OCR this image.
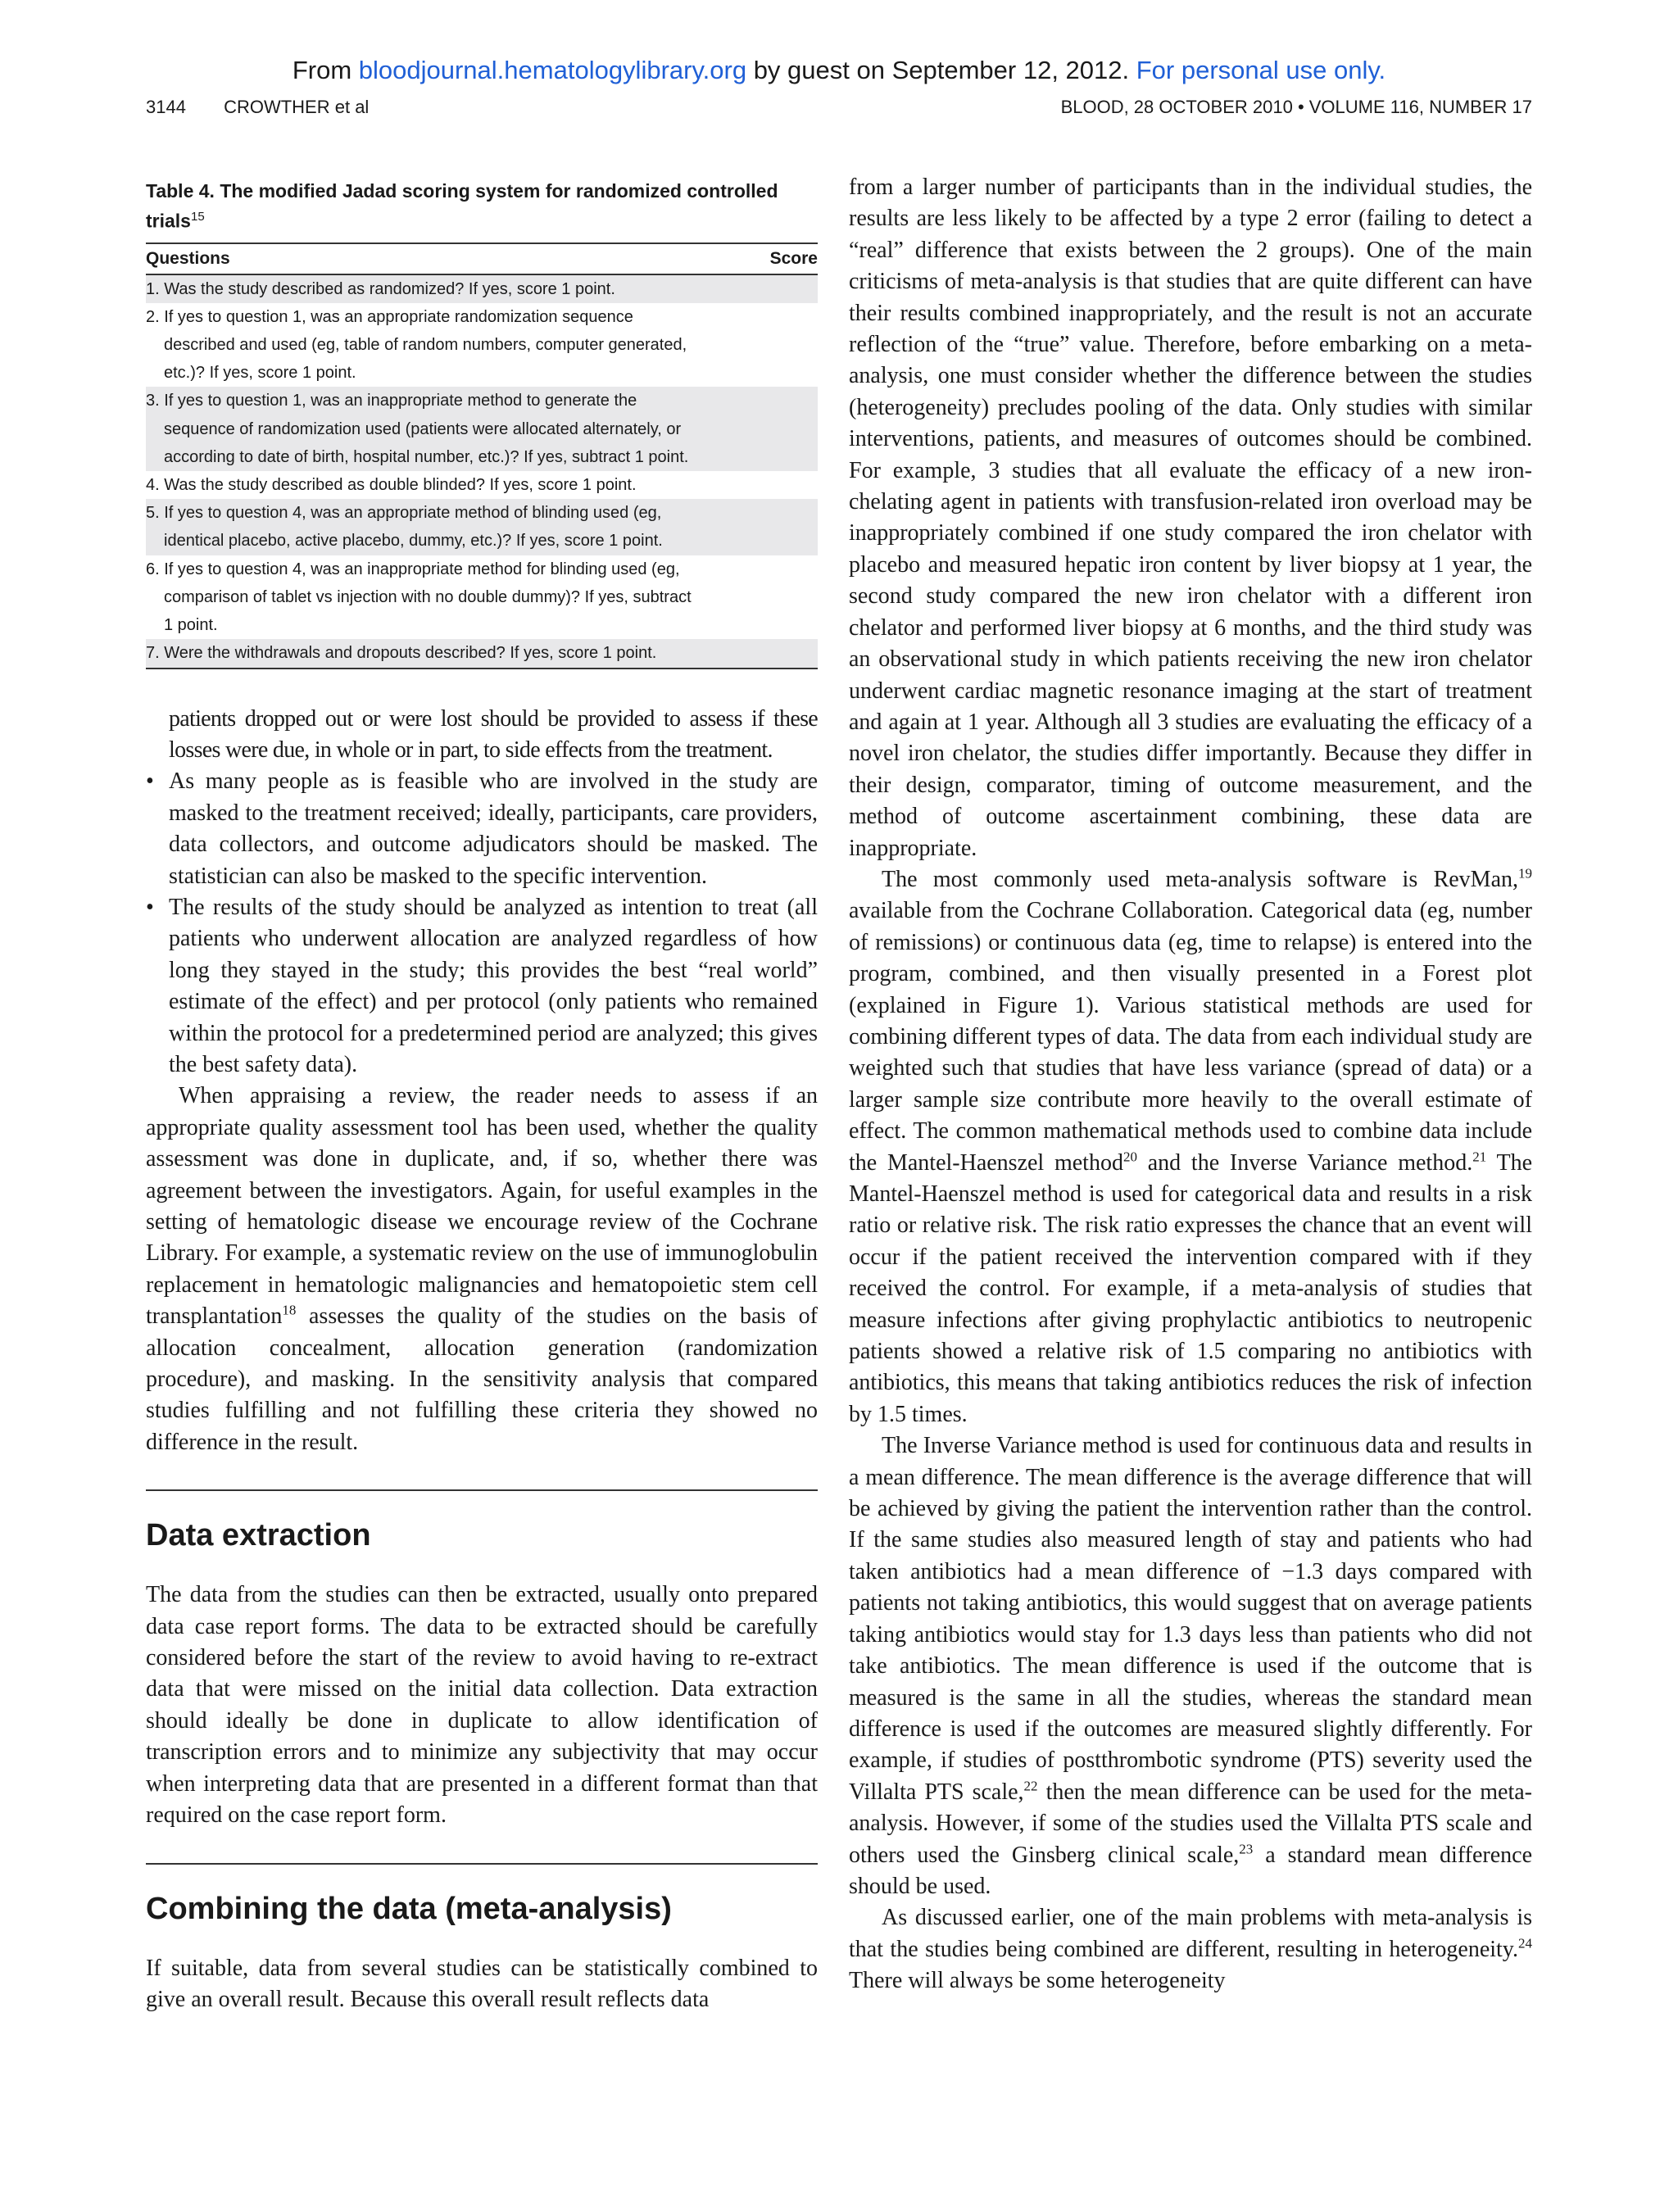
From bloodjournal.hematologylibrary.org by guest on September 12, 2012. For personal use only.
3144 CROWTHER et al	BLOOD, 28 OCTOBER 2010 • VOLUME 116, NUMBER 17
Table 4. The modified Jadad scoring system for randomized controlled trials$^{15}$
Questions	Score
1. Was the study described as randomized? If yes, score 1 point.
2. If yes to question 1, was an appropriate randomization sequence described and used (eg, table of random numbers, computer generated, etc.)? If yes, score 1 point.
3. If yes to question 1, was an inappropriate method to generate the sequence of randomization used (patients were allocated alternately, or according to date of birth, hospital number, etc.)? If yes, subtract 1 point.
4. Was the study described as double blinded? If yes, score 1 point.
5. If yes to question 4, was an appropriate method of blinding used (eg, identical placebo, active placebo, dummy, etc.)? If yes, score 1 point.
6. If yes to question 4, was an inappropriate method for blinding used (eg, comparison of tablet vs injection with no double dummy)? If yes, subtract 1 point.
7. Were the withdrawals and dropouts described? If yes, score 1 point.
patients dropped out or were lost should be provided to assess if these losses were due, in whole or in part, to side effects from the treatment.
• As many people as is feasible who are involved in the study are masked to the treatment received; ideally, participants, care providers, data collectors, and outcome adjudicators should be masked. The statistician can also be masked to the specific intervention.
• The results of the study should be analyzed as intention to treat (all patients who underwent allocation are analyzed regardless of how long they stayed in the study; this provides the best “real world” estimate of the effect) and per protocol (only patients who remained within the protocol for a predetermined period are analyzed; this gives the best safety data).

When appraising a review, the reader needs to assess if an appropriate quality assessment tool has been used, whether the quality assessment was done in duplicate, and, if so, whether there was agreement between the investigators. Again, for useful examples in the setting of hematologic disease we encourage review of the Cochrane Library. For example, a systematic review on the use of immunoglobulin replacement in hematologic malignancies and hematopoietic stem cell transplantation$^{18}$ assesses the quality of the studies on the basis of allocation concealment, allocation generation (randomization procedure), and masking. In the sensitivity analysis that compared studies fulfilling and not fulfilling these criteria they showed no difference in the result.

Data extraction

The data from the studies can then be extracted, usually onto prepared data case report forms. The data to be extracted should be carefully considered before the start of the review to avoid having to re-extract data that were missed on the initial data collection. Data extraction should ideally be done in duplicate to allow identification of transcription errors and to minimize any subjectivity that may occur when interpreting data that are presented in a different format than that required on the case report form.

Combining the data (meta-analysis)

If suitable, data from several studies can be statistically combined to give an overall result. Because this overall result reflects data

from a larger number of participants than in the individual studies, the results are less likely to be affected by a type 2 error (failing to detect a “real” difference that exists between the 2 groups). One of the main criticisms of meta-analysis is that studies that are quite different can have their results combined inappropriately, and the result is not an accurate reflection of the “true” value. Therefore, before embarking on a meta-analysis, one must consider whether the difference between the studies (heterogeneity) precludes pooling of the data. Only studies with similar interventions, patients, and measures of outcomes should be combined. For example, 3 studies that all evaluate the efficacy of a new iron-chelating agent in patients with transfusion-related iron overload may be inappropriately combined if one study compared the iron chelator with placebo and measured hepatic iron content by liver biopsy at 1 year, the second study compared the new iron chelator with a different iron chelator and performed liver biopsy at 6 months, and the third study was an observational study in which patients receiving the new iron chelator underwent cardiac magnetic resonance imaging at the start of treatment and again at 1 year. Although all 3 studies are evaluating the efficacy of a novel iron chelator, the studies differ importantly. Because they differ in their design, comparator, timing of outcome measurement, and the method of outcome ascertainment combining, these data are inappropriate.

The most commonly used meta-analysis software is RevMan,$^{19}$ available from the Cochrane Collaboration. Categorical data (eg, number of remissions) or continuous data (eg, time to relapse) is entered into the program, combined, and then visually presented in a Forest plot (explained in Figure 1). Various statistical methods are used for combining different types of data. The data from each individual study are weighted such that studies that have less variance (spread of data) or a larger sample size contribute more heavily to the overall estimate of effect. The common mathematical methods used to combine data include the Mantel-Haenszel method$^{20}$ and the Inverse Variance method.$^{21}$ The Mantel-Haenszel method is used for categorical data and results in a risk ratio or relative risk. The risk ratio expresses the chance that an event will occur if the patient received the intervention compared with if they received the control. For example, if a meta-analysis of studies that measure infections after giving prophylactic antibiotics to neutropenic patients showed a relative risk of 1.5 comparing no antibiotics with antibiotics, this means that taking antibiotics reduces the risk of infection by 1.5 times.

The Inverse Variance method is used for continuous data and results in a mean difference. The mean difference is the average difference that will be achieved by giving the patient the intervention rather than the control. If the same studies also measured length of stay and patients who had taken antibiotics had a mean difference of −1.3 days compared with patients not taking antibiotics, this would suggest that on average patients taking antibiotics would stay for 1.3 days less than patients who did not take antibiotics. The mean difference is used if the outcome that is measured is the same in all the studies, whereas the standard mean difference is used if the outcomes are measured slightly differently. For example, if studies of postthrombotic syndrome (PTS) severity used the Villalta PTS scale,$^{22}$ then the mean difference can be used for the meta-analysis. However, if some of the studies used the Villalta PTS scale and others used the Ginsberg clinical scale,$^{23}$ a standard mean difference should be used.

As discussed earlier, one of the main problems with meta-analysis is that the studies being combined are different, resulting in heterogeneity.$^{24}$ There will always be some heterogeneity
